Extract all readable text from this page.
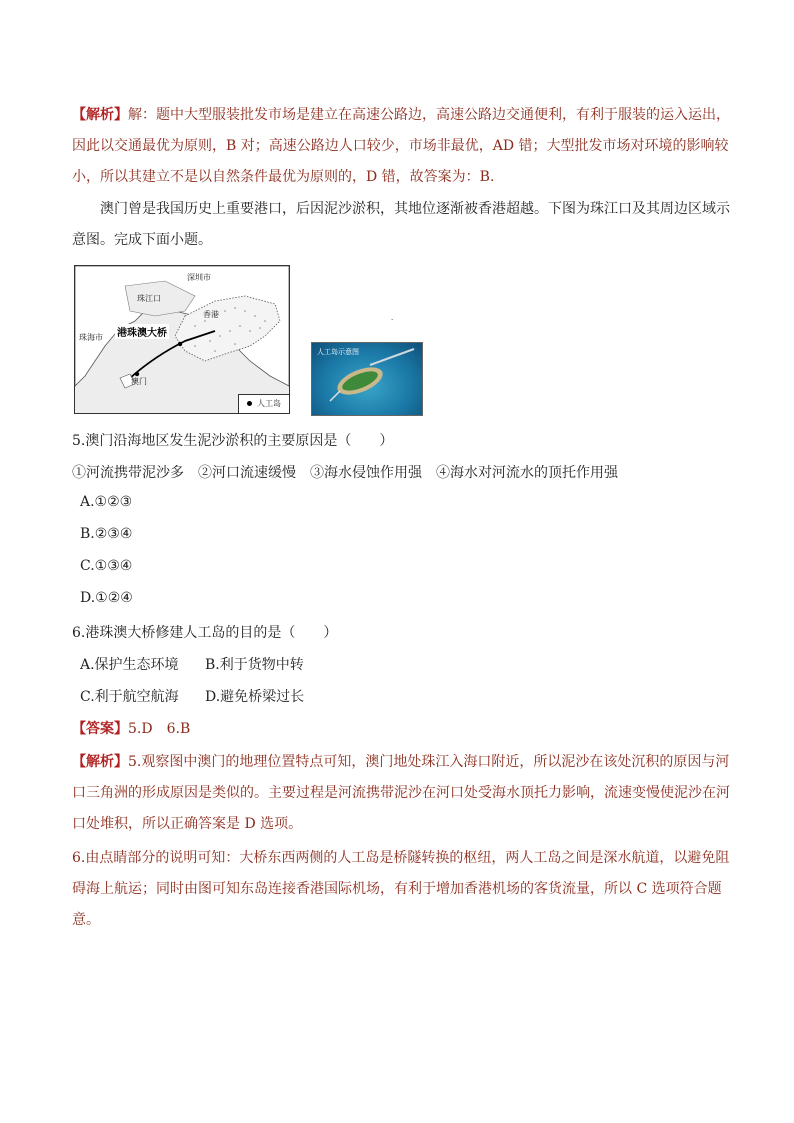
【解析】解：题中大型服装批发市场是建立在高速公路边，高速公路边交通便利，有利于服装的运入运出，因此以交通最优为原则，B 对；高速公路边人口较少，市场非最优，AD 错；大型批发市场对环境的影响较小，所以其建立不是以自然条件最优为原则的，D 错，故答案为：B.
澳门曾是我国历史上重要港口，后因泥沙淤积，其地位逐渐被香港超越。下图为珠江口及其周边区域示意图。完成下面小题。
深圳市
珠江口
香港
珠海市
澳门
港珠澳大桥
人工岛
·
人工岛示意图
5.澳门沿海地区发生泥沙淤积的主要原因是（　　）
①河流携带泥沙多　②河口流速缓慢　③海水侵蚀作用强　④海水对河流水的顶托作用强
A.①②③
B.②③④
C.①③④
D.①②④
6.港珠澳大桥修建人工岛的目的是（　　）
A.保护生态环境 B.利于货物中转
C.利于航空航海 D.避免桥梁过长
【答案】5.D　6.B
【解析】5.观察图中澳门的地理位置特点可知，澳门地处珠江入海口附近，所以泥沙在该处沉积的原因与河口三角洲的形成原因是类似的。主要过程是河流携带泥沙在河口处受海水顶托力影响，流速变慢使泥沙在河口处堆积，所以正确答案是 D 选项。
6.由点睛部分的说明可知：大桥东西两侧的人工岛是桥隧转换的枢纽，两人工岛之间是深水航道，以避免阻碍海上航运；同时由图可知东岛连接香港国际机场，有利于增加香港机场的客货流量，所以 C 选项符合题意。
